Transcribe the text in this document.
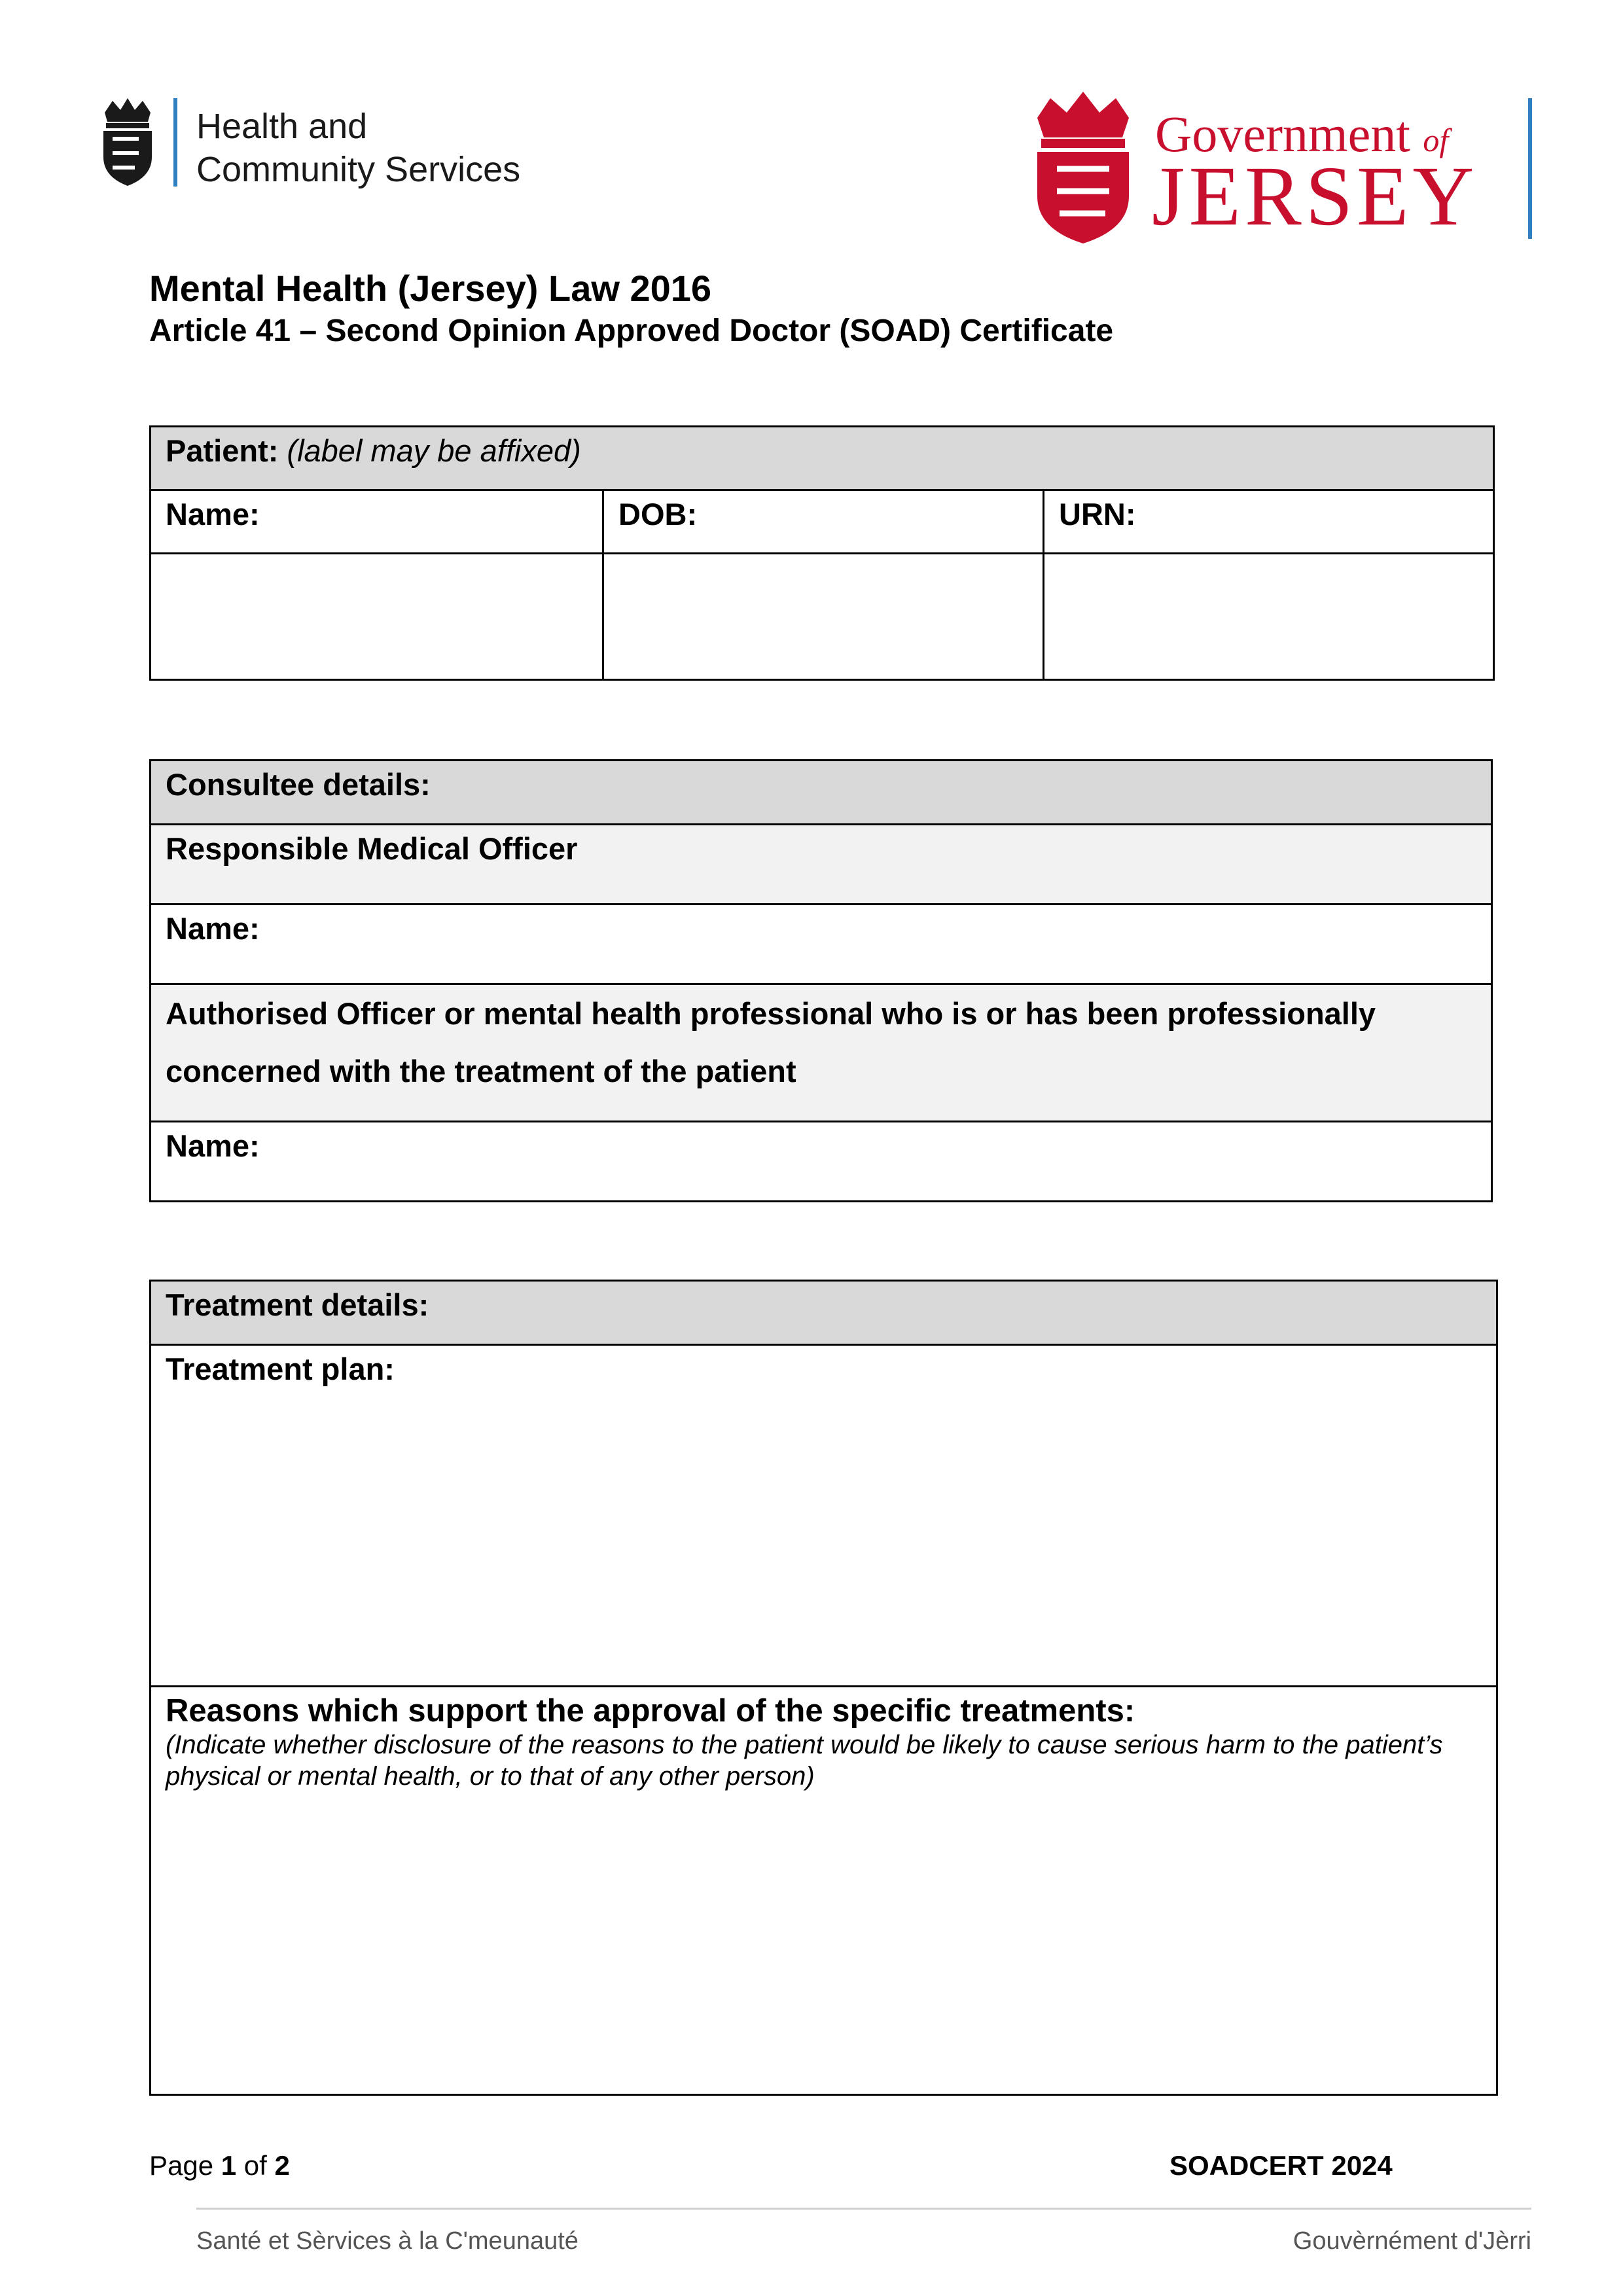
Health and
Community Services
Government of
JERSEY
Mental Health (Jersey) Law 2016
Article 41 – Second Opinion Approved Doctor (SOAD) Certificate
Patient: (label may be affixed)		
Name:	DOB:	URN:

Consultee details:
Responsible Medical Officer
Name:
Authorised Officer or mental health professional who is or has been professionally concerned with the treatment of the patient
Name:
Treatment details:
Treatment plan:

Reasons which support the approval of the specific treatments:
(Indicate whether disclosure of the reasons to the patient would be likely to cause serious harm to the patient’s physical or mental health, or to that of any other person)
Page 1 of 2	SOADCERT 2024
Santé et Sèrvices à la C'meunauté	Gouvèrnément d'Jèrri
